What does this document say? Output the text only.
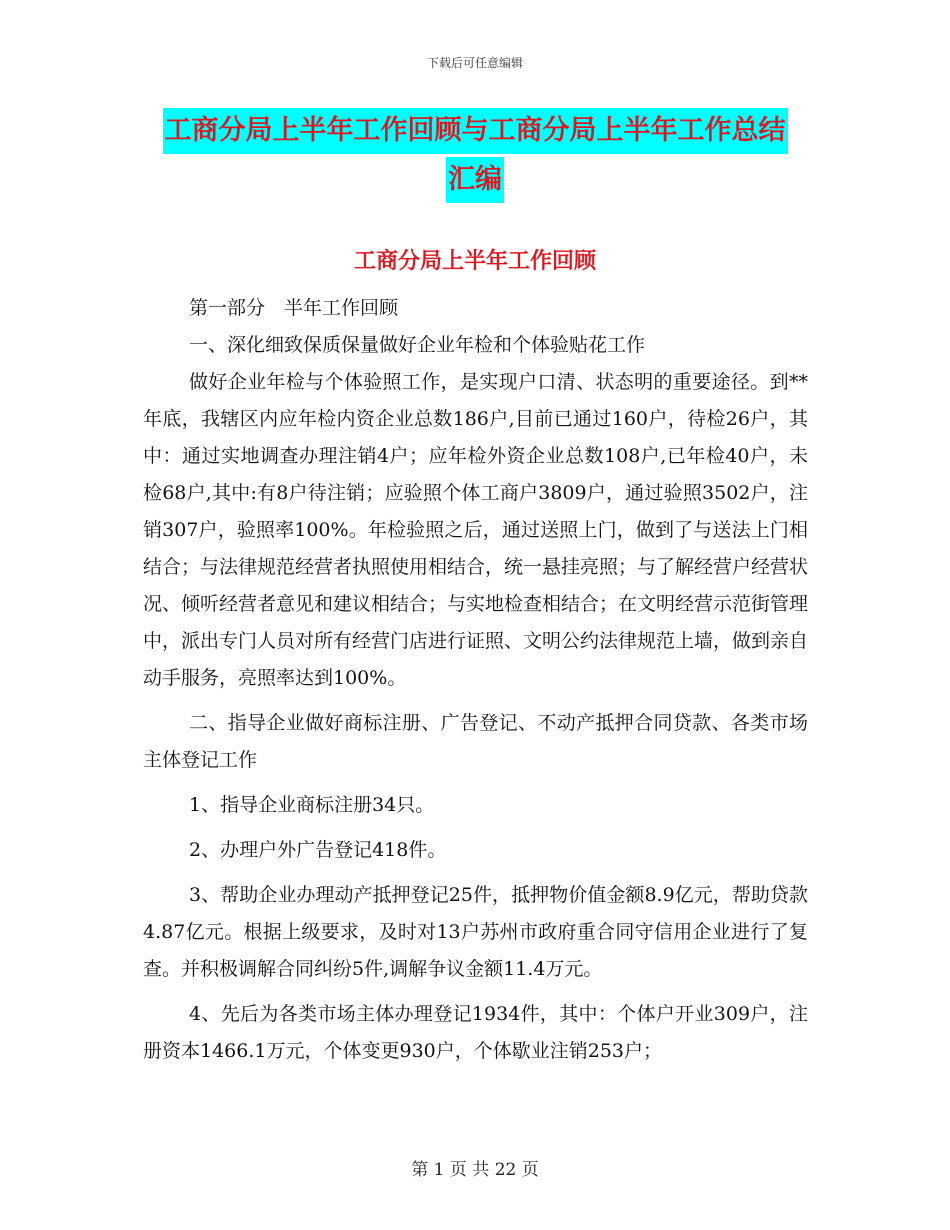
下载后可任意编辑
工商分局上半年工作回顾与工商分局上半年工作总结
汇编
工商分局上半年工作回顾

第一部分　半年工作回顾

一、深化细致保质保量做好企业年检和个体验贴花工作

做好企业年检与个体验照工作，是实现户口清、状态明的重要途径。到**年底，我辖区内应年检内资企业总数186户,目前已通过160户，待检26户，其中：通过实地调查办理注销4户；应年检外资企业总数108户,已年检40户，未检68户,其中:有8户待注销；应验照个体工商户3809户，通过验照3502户，注销307户，验照率100%。年检验照之后，通过送照上门，做到了与送法上门相结合；与法律规范经营者执照使用相结合，统一悬挂亮照；与了解经营户经营状况、倾听经营者意见和建议相结合；与实地检查相结合；在文明经营示范街管理中，派出专门人员对所有经营门店进行证照、文明公约法律规范上墙，做到亲自动手服务，亮照率达到100%。

二、指导企业做好商标注册、广告登记、不动产抵押合同贷款、各类市场主体登记工作

1、指导企业商标注册34只。

2、办理户外广告登记418件。

3、帮助企业办理动产抵押登记25件，抵押物价值金额8.9亿元，帮助贷款4.87亿元。根据上级要求，及时对13户苏州市政府重合同守信用企业进行了复查。并积极调解合同纠纷5件,调解争议金额11.4万元。

4、先后为各类市场主体办理登记1934件，其中：个体户开业309户，注册资本1466.1万元，个体变更930户，个体歇业注销253户；

第 1 页 共 22 页
